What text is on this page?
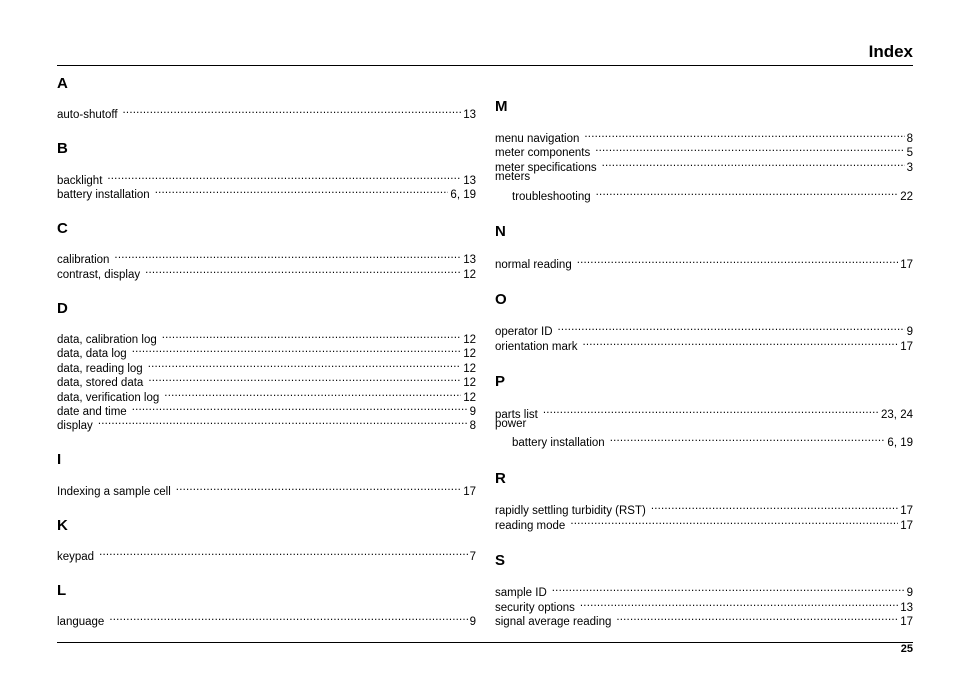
Index
A
auto-shutoff .....	13
B
backlight .....	13
battery installation .....	6, 19
C
calibration .....	13
contrast, display .....	12
D
data, calibration log .....	12
data, data log .....	12
data, reading log .....	12
data, stored data .....	12
data, verification log .....	12
date and time .....	9
display .....	8
I
Indexing a sample cell .....	17
K
keypad .....	7
L
language .....	9
M
menu navigation .....	8
meter components .....	5
meter specifications .....	3
meters
troubleshooting .....	22
N
normal reading .....	17
O
operator ID .....	9
orientation mark .....	17
P
parts list .....	23, 24
power
battery installation .....	6, 19
R
rapidly settling turbidity (RST) .....	17
reading mode .....	17
S
sample ID .....	9
security options .....	13
signal average reading .....	17
25
